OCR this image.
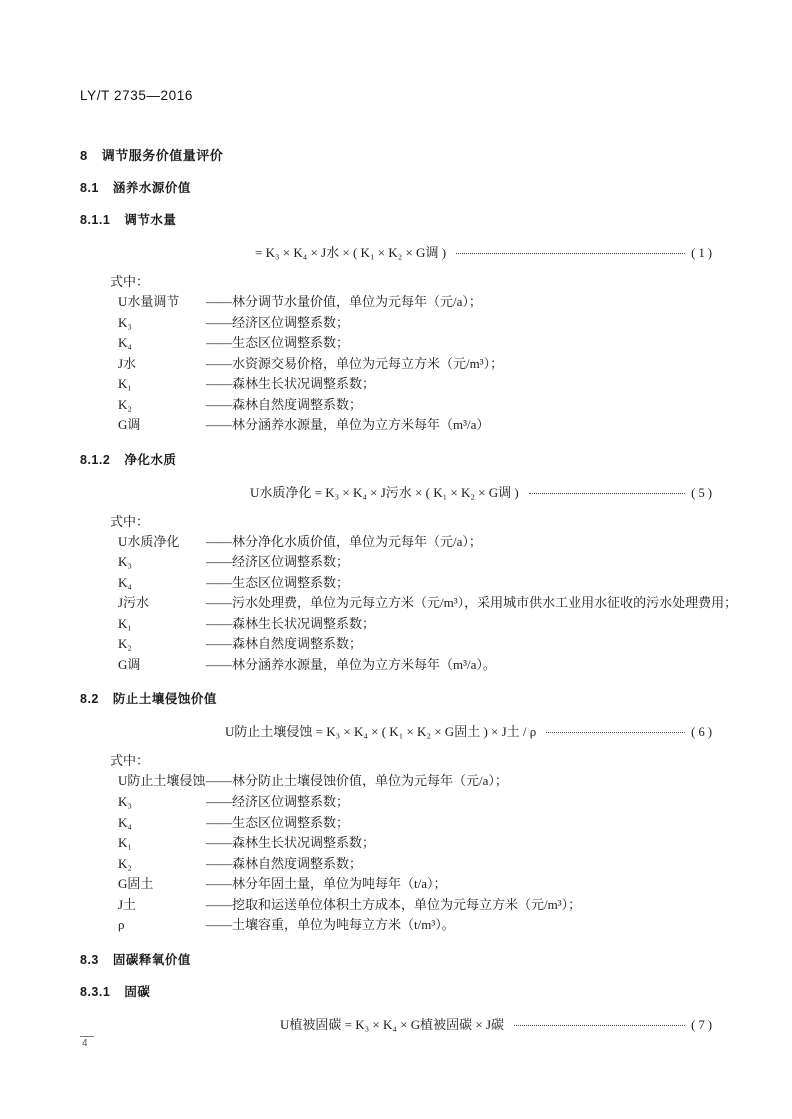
LY/T 2735—2016
8 调节服务价值量评价
8.1 涵养水源价值
8.1.1 调节水量
= K₃ × K₄ × J水 × ( K₁ × K₂ × G调 )	( 1 )
式中：
U水量调节	——林分调节水量价值，单位为元每年（元/a）；
K₃	——经济区位调整系数；
K₄	——生态区位调整系数；
J水	——水资源交易价格，单位为元每立方米（元/m³）；
K₁	——森林生长状况调整系数；
K₂	——森林自然度调整系数；
G调	——林分涵养水源量，单位为立方米每年（m³/a）
8.1.2 净化水质
U水质净化 = K₃ × K₄ × J污水 × ( K₁ × K₂ × G调 )	( 5 )
式中：
U水质净化	——林分净化水质价值，单位为元每年（元/a）；
K₃	——经济区位调整系数；
K₄	——生态区位调整系数；
J污水	——污水处理费，单位为元每立方米（元/m³），采用城市供水工业用水征收的污水处理费用；
K₁	——森林生长状况调整系数；
K₂	——森林自然度调整系数；
G调	——林分涵养水源量，单位为立方米每年（m³/a）。
8.2 防止土壤侵蚀价值
U防止土壤侵蚀 = K₃ × K₄ × ( K₁ × K₂ × G固土 ) × J土 / ρ	( 6 )
式中：
U防止土壤侵蚀 ——林分防止土壤侵蚀价值，单位为元每年（元/a）；
K₃	——经济区位调整系数；
K₄	——生态区位调整系数；
K₁	——森林生长状况调整系数；
K₂	——森林自然度调整系数；
G固土	——林分年固土量，单位为吨每年（t/a）；
J土	——挖取和运送单位体积土方成本，单位为元每立方米（元/m³）；
ρ	——土壤容重，单位为吨每立方米（t/m³）。
8.3 固碳释氧价值
8.3.1 固碳
U植被固碳 = K₃ × K₄ × G植被固碳 × J碳	( 7 )
4
